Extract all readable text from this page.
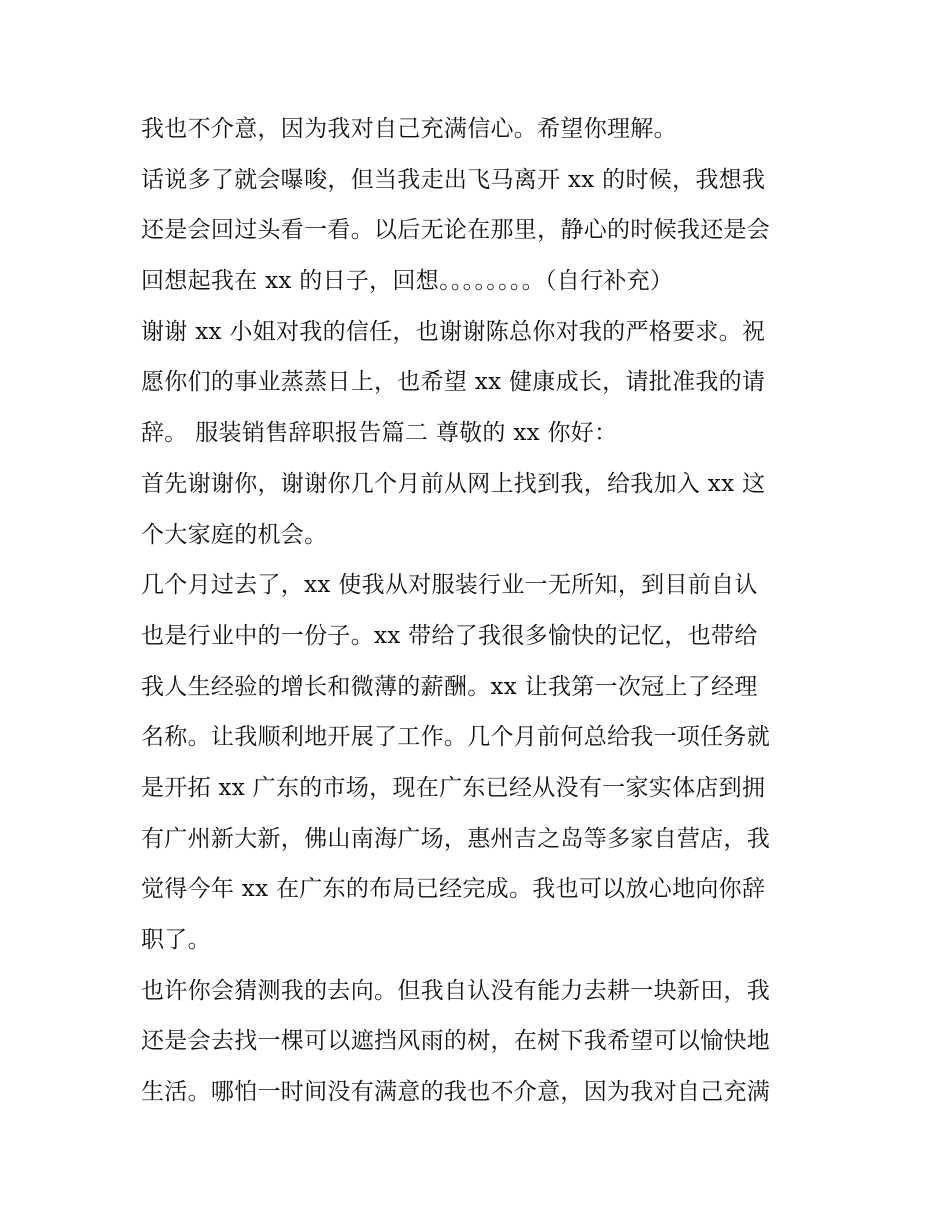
我也不介意，因为我对自己充满信心。希望你理解。
话说多了就会嚗唆，但当我走出飞马离开 xx 的时候，我想我
还是会回过头看一看。以后无论在那里，静心的时候我还是会
回想起我在 xx 的日子，回想。。。。。。。。（自行补充）
谢谢 xx 小姐对我的信任，也谢谢陈总你对我的严格要求。祝
愿你们的事业蒸蒸日上，也希望 xx 健康成长，请批准我的请
辞。 服装销售辞职报告篇二 尊敬的 xx 你好：
首先谢谢你，谢谢你几个月前从网上找到我，给我加入 xx 这
个大家庭的机会。
几个月过去了，xx 使我从对服装行业一无所知，到目前自认
也是行业中的一份子。xx 带给了我很多愉快的记忆，也带给
我人生经验的增长和微薄的薪酬。xx 让我第一次冠上了经理
名称。让我顺利地开展了工作。几个月前何总给我一项任务就
是开拓 xx 广东的市场，现在广东已经从没有一家实体店到拥
有广州新大新，佛山南海广场，惠州吉之岛等多家自营店，我
觉得今年 xx 在广东的布局已经完成。我也可以放心地向你辞
职了。
也许你会猜测我的去向。但我自认没有能力去耕一块新田，我
还是会去找一棵可以遮挡风雨的树，在树下我希望可以愉快地
生活。哪怕一时间没有满意的我也不介意，因为我对自己充满
